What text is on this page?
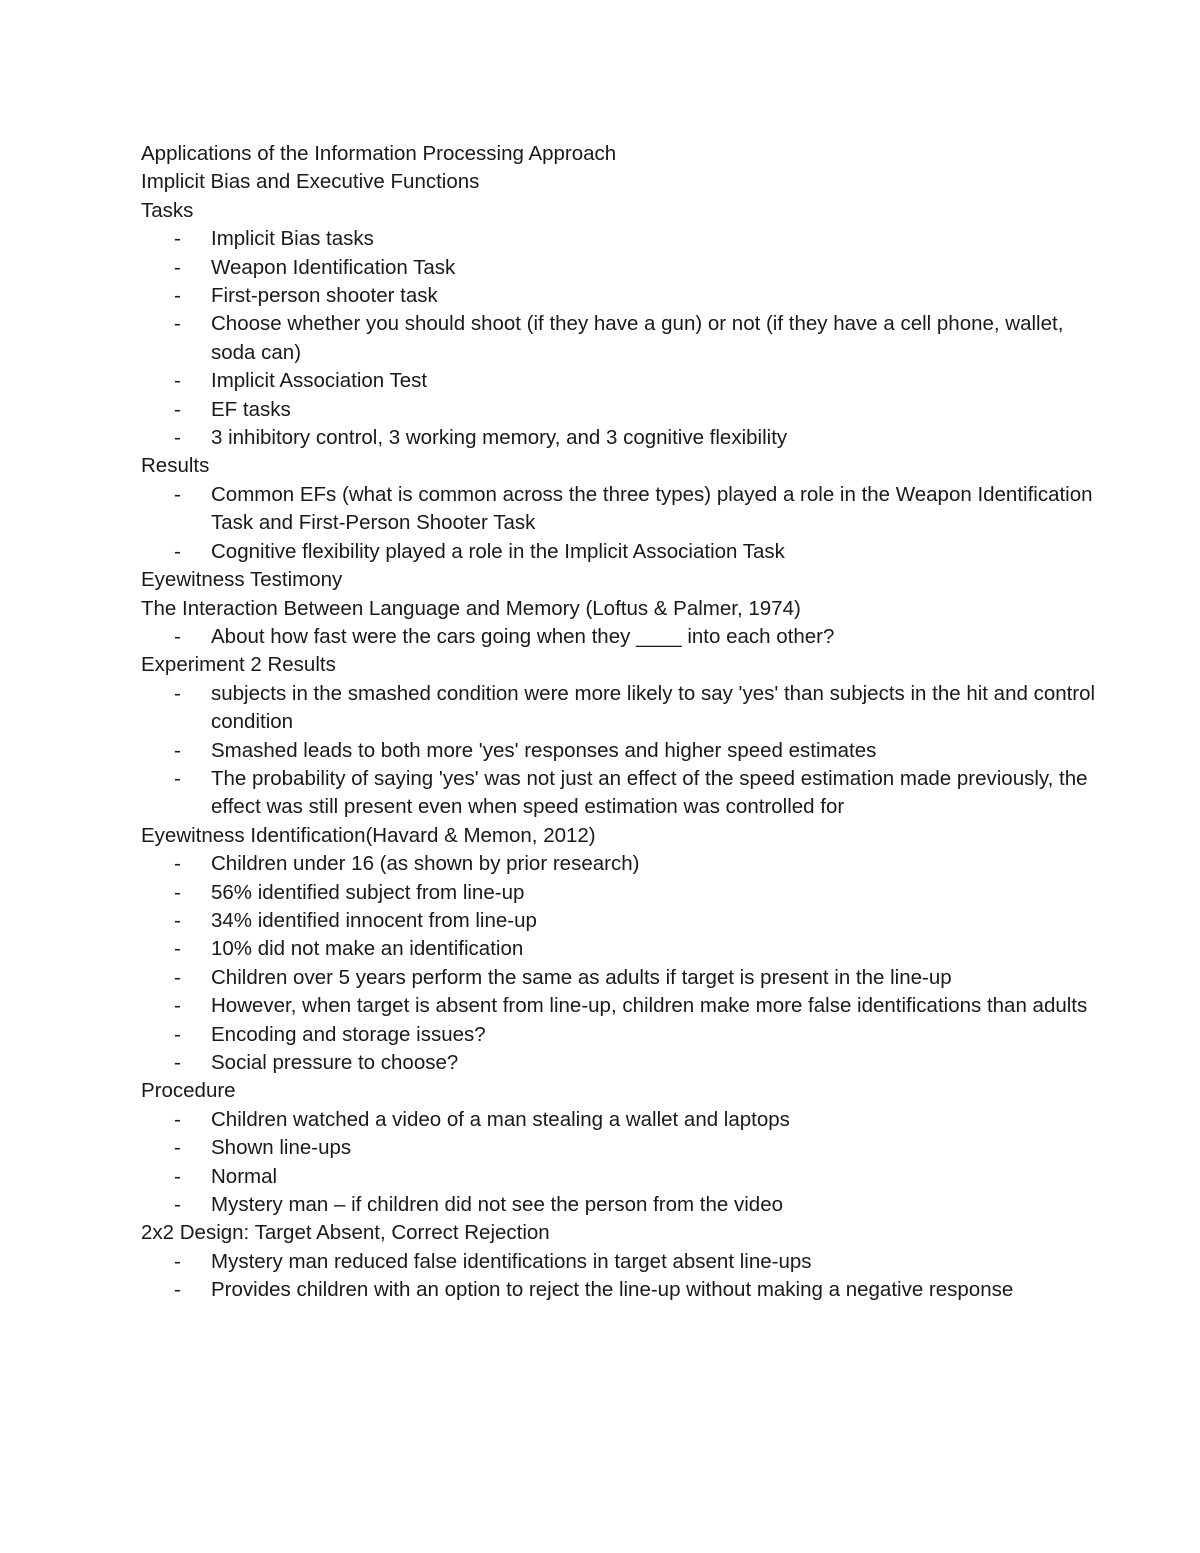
Applications of the Information Processing Approach
Implicit Bias and Executive Functions
Tasks
- Implicit Bias tasks
- Weapon Identification Task
- First-person shooter task
- Choose whether you should shoot (if they have a gun) or not (if they have a cell phone, wallet, soda can)
- Implicit Association Test
- EF tasks
- 3 inhibitory control, 3 working memory, and 3 cognitive flexibility
Results
- Common EFs (what is common across the three types) played a role in the Weapon Identification Task and First-Person Shooter Task
- Cognitive flexibility played a role in the Implicit Association Task
Eyewitness Testimony
The Interaction Between Language and Memory (Loftus & Palmer, 1974)
- About how fast were the cars going when they ____ into each other?
Experiment 2 Results
- subjects in the smashed condition were more likely to say 'yes' than subjects in the hit and control condition
- Smashed leads to both more 'yes' responses and higher speed estimates
- The probability of saying 'yes' was not just an effect of the speed estimation made previously, the effect was still present even when speed estimation was controlled for
Eyewitness Identification(Havard & Memon, 2012)
- Children under 16 (as shown by prior research)
- 56% identified subject from line-up
- 34% identified innocent from line-up
- 10% did not make an identification
- Children over 5 years perform the same as adults if target is present in the line-up
- However, when target is absent from line-up, children make more false identifications than adults
- Encoding and storage issues?
- Social pressure to choose?
Procedure
- Children watched a video of a man stealing a wallet and laptops
- Shown line-ups
- Normal
- Mystery man – if children did not see the person from the video
2x2 Design: Target Absent, Correct Rejection
- Mystery man reduced false identifications in target absent line-ups
- Provides children with an option to reject the line-up without making a negative response
